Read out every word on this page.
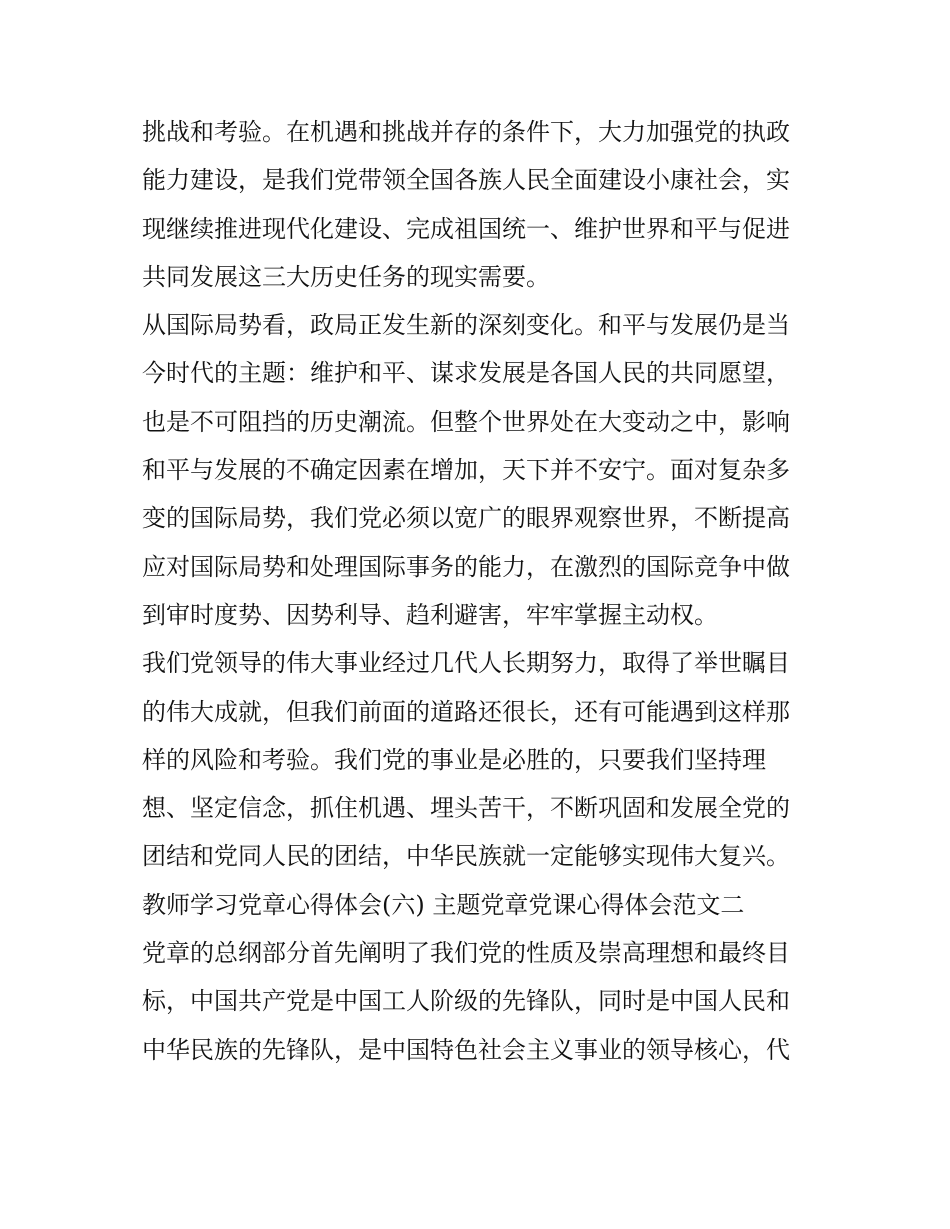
挑战和考验。在机遇和挑战并存的条件下，大力加强党的执政
能力建设，是我们党带领全国各族人民全面建设小康社会，实
现继续推进现代化建设、完成祖国统一、维护世界和平与促进
共同发展这三大历史任务的现实需要。
从国际局势看，政局正发生新的深刻变化。和平与发展仍是当
今时代的主题：维护和平、谋求发展是各国人民的共同愿望，
也是不可阻挡的历史潮流。但整个世界处在大变动之中，影响
和平与发展的不确定因素在增加，天下并不安宁。面对复杂多
变的国际局势，我们党必须以宽广的眼界观察世界，不断提高
应对国际局势和处理国际事务的能力，在激烈的国际竞争中做
到审时度势、因势利导、趋利避害，牢牢掌握主动权。
我们党领导的伟大事业经过几代人长期努力，取得了举世瞩目
的伟大成就，但我们前面的道路还很长，还有可能遇到这样那
样的风险和考验。我们党的事业是必胜的，只要我们坚持理
想、坚定信念，抓住机遇、埋头苦干，不断巩固和发展全党的
团结和党同人民的团结，中华民族就一定能够实现伟大复兴。
教师学习党章心得体会(六) 主题党章党课心得体会范文二
党章的总纲部分首先阐明了我们党的性质及崇高理想和最终目
标，中国共产党是中国工人阶级的先锋队，同时是中国人民和
中华民族的先锋队，是中国特色社会主义事业的领导核心，代
